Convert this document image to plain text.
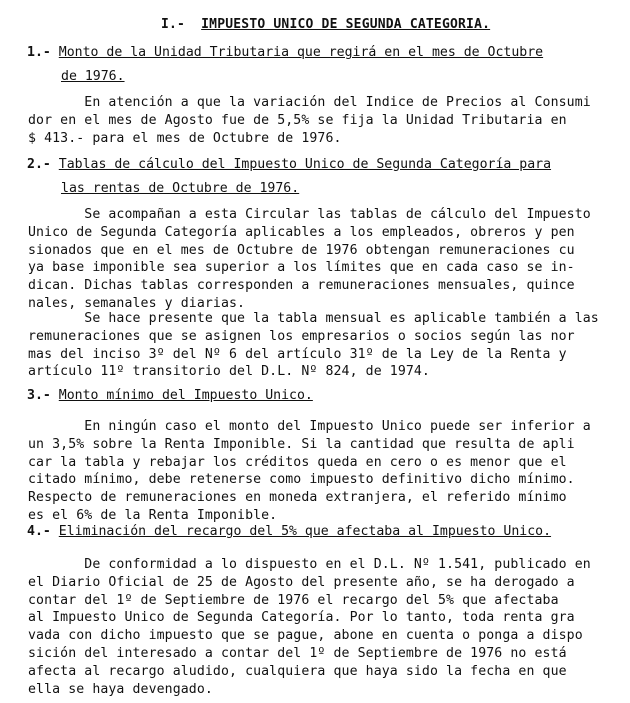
I.- IMPUESTO UNICO DE SEGUNDA CATEGORIA.
1.- Monto de la Unidad Tributaria que regirá en el mes de Octubre
de 1976.
En atención a que la variación del Indice de Precios al Consumi
dor en el mes de Agosto fue de 5,5% se fija la Unidad Tributaria en
$ 413.- para el mes de Octubre de 1976.
2.- Tablas de cálculo del Impuesto Unico de Segunda Categoría para
las rentas de Octubre de 1976.
Se acompañan a esta Circular las tablas de cálculo del Impuesto
Unico de Segunda Categoría aplicables a los empleados, obreros y pen
sionados que en el mes de Octubre de 1976 obtengan remuneraciones cu
ya base imponible sea superior a los límites que en cada caso se in-
dican. Dichas tablas corresponden a remuneraciones mensuales, quince
nales, semanales y diarias.
Se hace presente que la tabla mensual es aplicable también a las
remuneraciones que se asignen los empresarios o socios según las nor
mas del inciso 3º del Nº 6 del artículo 31º de la Ley de la Renta y
artículo 11º transitorio del D.L. Nº 824, de 1974.
3.- Monto mínimo del Impuesto Unico.
En ningún caso el monto del Impuesto Unico puede ser inferior a
un 3,5% sobre la Renta Imponible. Si la cantidad que resulta de apli
car la tabla y rebajar los créditos queda en cero o es menor que el
citado mínimo, debe retenerse como impuesto definitivo dicho mínimo.
Respecto de remuneraciones en moneda extranjera, el referido mínimo
es el 6% de la Renta Imponible.
4.- Eliminación del recargo del 5% que afectaba al Impuesto Unico.
De conformidad a lo dispuesto en el D.L. Nº 1.541, publicado en
el Diario Oficial de 25 de Agosto del presente año, se ha derogado a
contar del 1º de Septiembre de 1976 el recargo del 5% que afectaba
al Impuesto Unico de Segunda Categoría. Por lo tanto, toda renta gra
vada con dicho impuesto que se pague, abone en cuenta o ponga a dispo
sición del interesado a contar del 1º de Septiembre de 1976 no está
afecta al recargo aludido, cualquiera que haya sido la fecha en que
ella se haya devengado.
